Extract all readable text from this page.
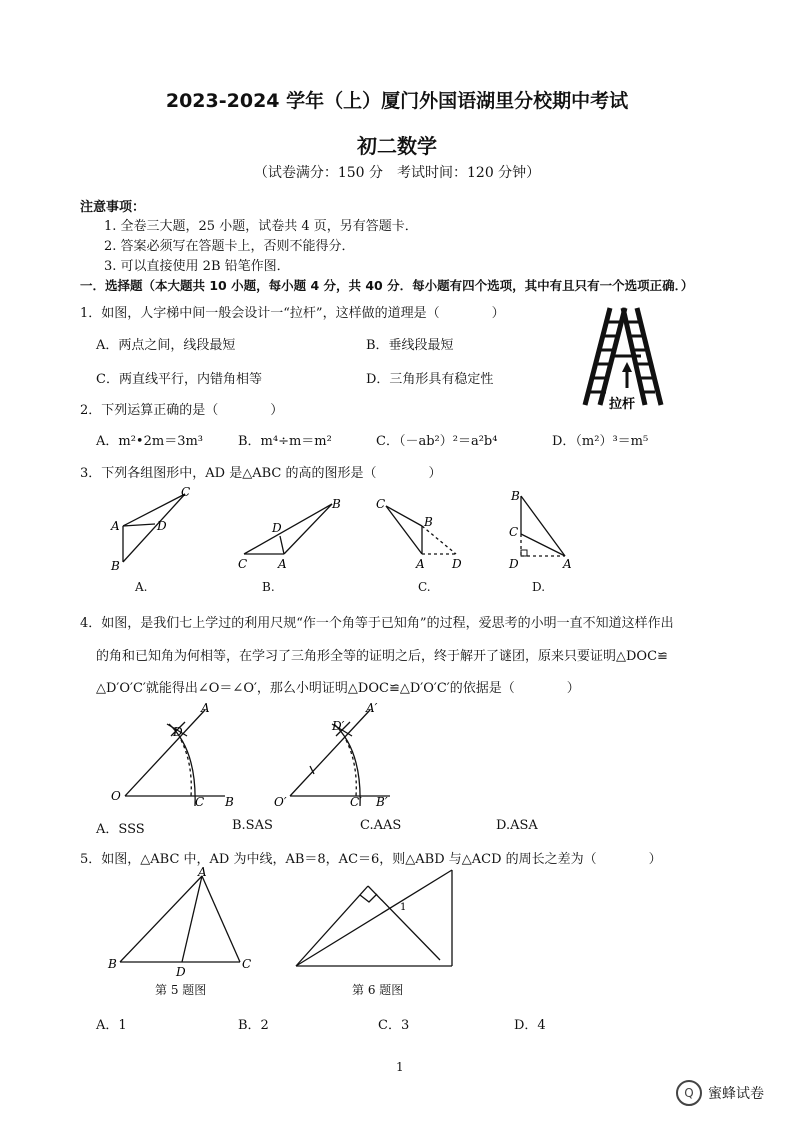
2023-2024 学年（上）厦门外国语湖里分校期中考试
初二数学
（试卷满分：150 分　考试时间：120 分钟）
注意事项：
1. 全卷三大题，25 小题，试卷共 4 页，另有答题卡．
2. 答案必须写在答题卡上，否则不能得分．
3. 可以直接使用 2B 铅笔作图．
一．选择题（本大题共 10 小题，每小题 4 分，共 40 分．每小题有四个选项，其中有且只有一个选项正确．）
1．如图，人字梯中间一般会设计一“拉杆”，这样做的道理是（　　　　）
A．两点之间，线段最短	B．垂线段最短
C．两直线平行，内错角相等	D．三角形具有稳定性
拉杆
2．下列运算正确的是（　　　　）
A．m²•2m＝3m³	B．m⁴÷m＝m²	C．（－ab²）²＝a²b⁴	D．（m²）³＝m⁵
3．下列各组图形中，AD 是△ABC 的高的图形是（　　　　）
C
A	D
B
A.
B
D
C	A
B.
C
B
A D
C.
B
C
D	A
D.
4．如图，是我们七上学过的利用尺规“作一个角等于已知角”的过程，爱思考的小明一直不知道这样作出
的角和已知角为何相等，在学习了三角形全等的证明之后，终于解开了谜团，原来只要证明△DOC≌
△D′O′C′就能得出∠O＝∠O′，那么小明证明△DOC≌△D′O′C′的依据是（　　　　）
A
D
O	C B
A′
D′
O′	C′ B′
A．SSS	B.SAS	C.AAS	D.ASA
5．如图，△ABC 中，AD 为中线，AB＝8，AC＝6，则△ABD 与△ACD 的周长之差为（　　　　）
A
B	C
D
第 5 题图
1
第 6 题图
A．1	B．2	C．3	D．4
1
Q	蜜蜂试卷
